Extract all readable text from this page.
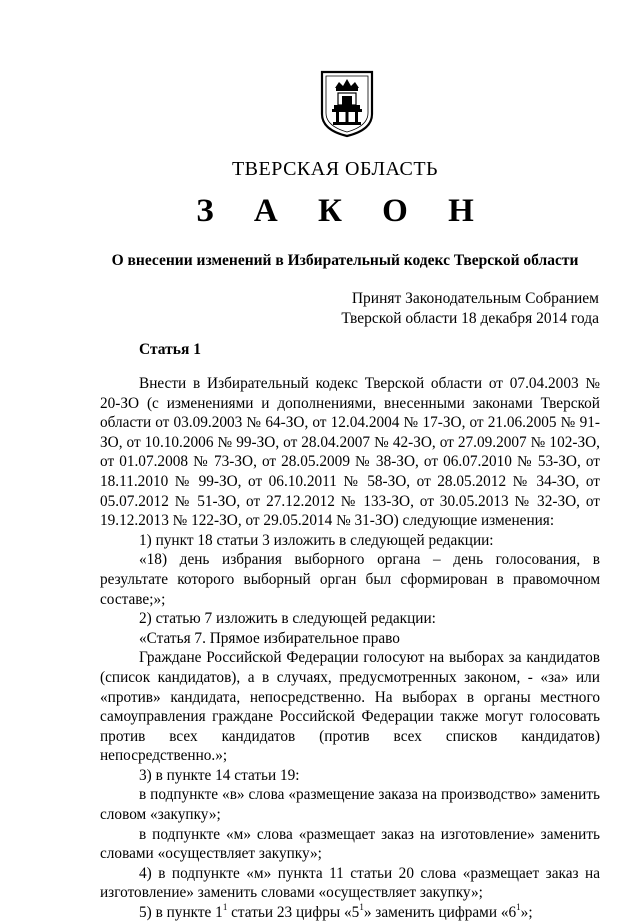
ТВЕРСКАЯ ОБЛАСТЬ
З А К О Н
О внесении изменений в Избирательный кодекс Тверской области
Принят Законодательным Собранием
Тверской области 18 декабря 2014 года
Статья 1

Внести в Избирательный кодекс Тверской области от 07.04.2003 № 20-ЗО (с изменениями и дополнениями, внесенными законами Тверской области от 03.09.2003 № 64-ЗО, от 12.04.2004 № 17-ЗО, от 21.06.2005 № 91-ЗО, от 10.10.2006 № 99-ЗО, от 28.04.2007 № 42-ЗО, от 27.09.2007 № 102-ЗО, от 01.07.2008 № 73-ЗО, от 28.05.2009 № 38-ЗО, от 06.07.2010 № 53-ЗО, от 18.11.2010 № 99-ЗО, от 06.10.2011 № 58-ЗО, от 28.05.2012 № 34-ЗО, от 05.07.2012 № 51-ЗО, от 27.12.2012 № 133-ЗО, от 30.05.2013 № 32-ЗО, от 19.12.2013 № 122-ЗО, от 29.05.2014 № 31-ЗО) следующие изменения:

1) пункт 18 статьи 3 изложить в следующей редакции:

«18) день избрания выборного органа – день голосования, в результате которого выборный орган был сформирован в правомочном составе;»;

2) статью 7 изложить в следующей редакции:

«Статья 7. Прямое избирательное право

Граждане Российской Федерации голосуют на выборах за кандидатов (список кандидатов), а в случаях, предусмотренных законом, - «за» или «против» кандидата, непосредственно. На выборах в органы местного самоуправления граждане Российской Федерации также могут голосовать против всех кандидатов (против всех списков кандидатов)

непосредственно.»;

3) в пункте 14 статьи 19:

в подпункте «в» слова «размещение заказа на производство» заменить словом «закупку»;

в подпункте «м» слова «размещает заказ на изготовление» заменить словами «осуществляет закупку»;

4) в подпункте «м» пункта 11 статьи 20 слова «размещает заказ на изготовление» заменить словами «осуществляет закупку»;

5) в пункте $1^1$ статьи 23 цифры «$5^1$» заменить цифрами «$6^1$»;
